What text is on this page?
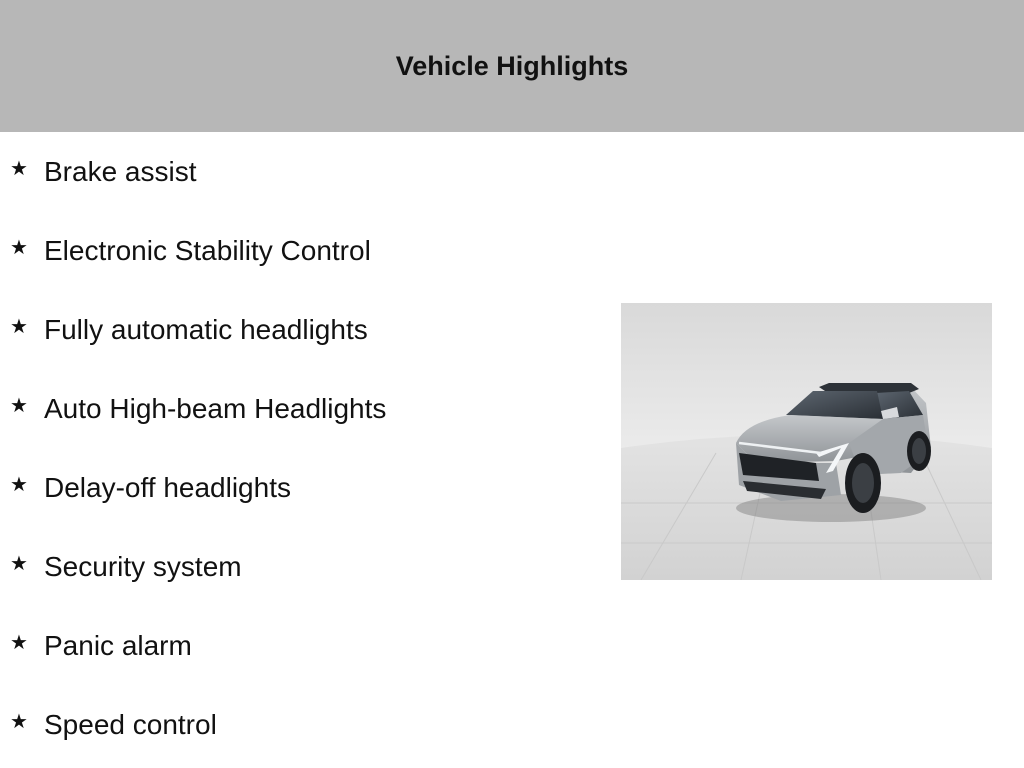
Vehicle Highlights
★ Brake assist
★ Electronic Stability Control
★ Fully automatic headlights
★ Auto High-beam Headlights
★ Delay-off headlights
★ Security system
★ Panic alarm
★ Speed control
